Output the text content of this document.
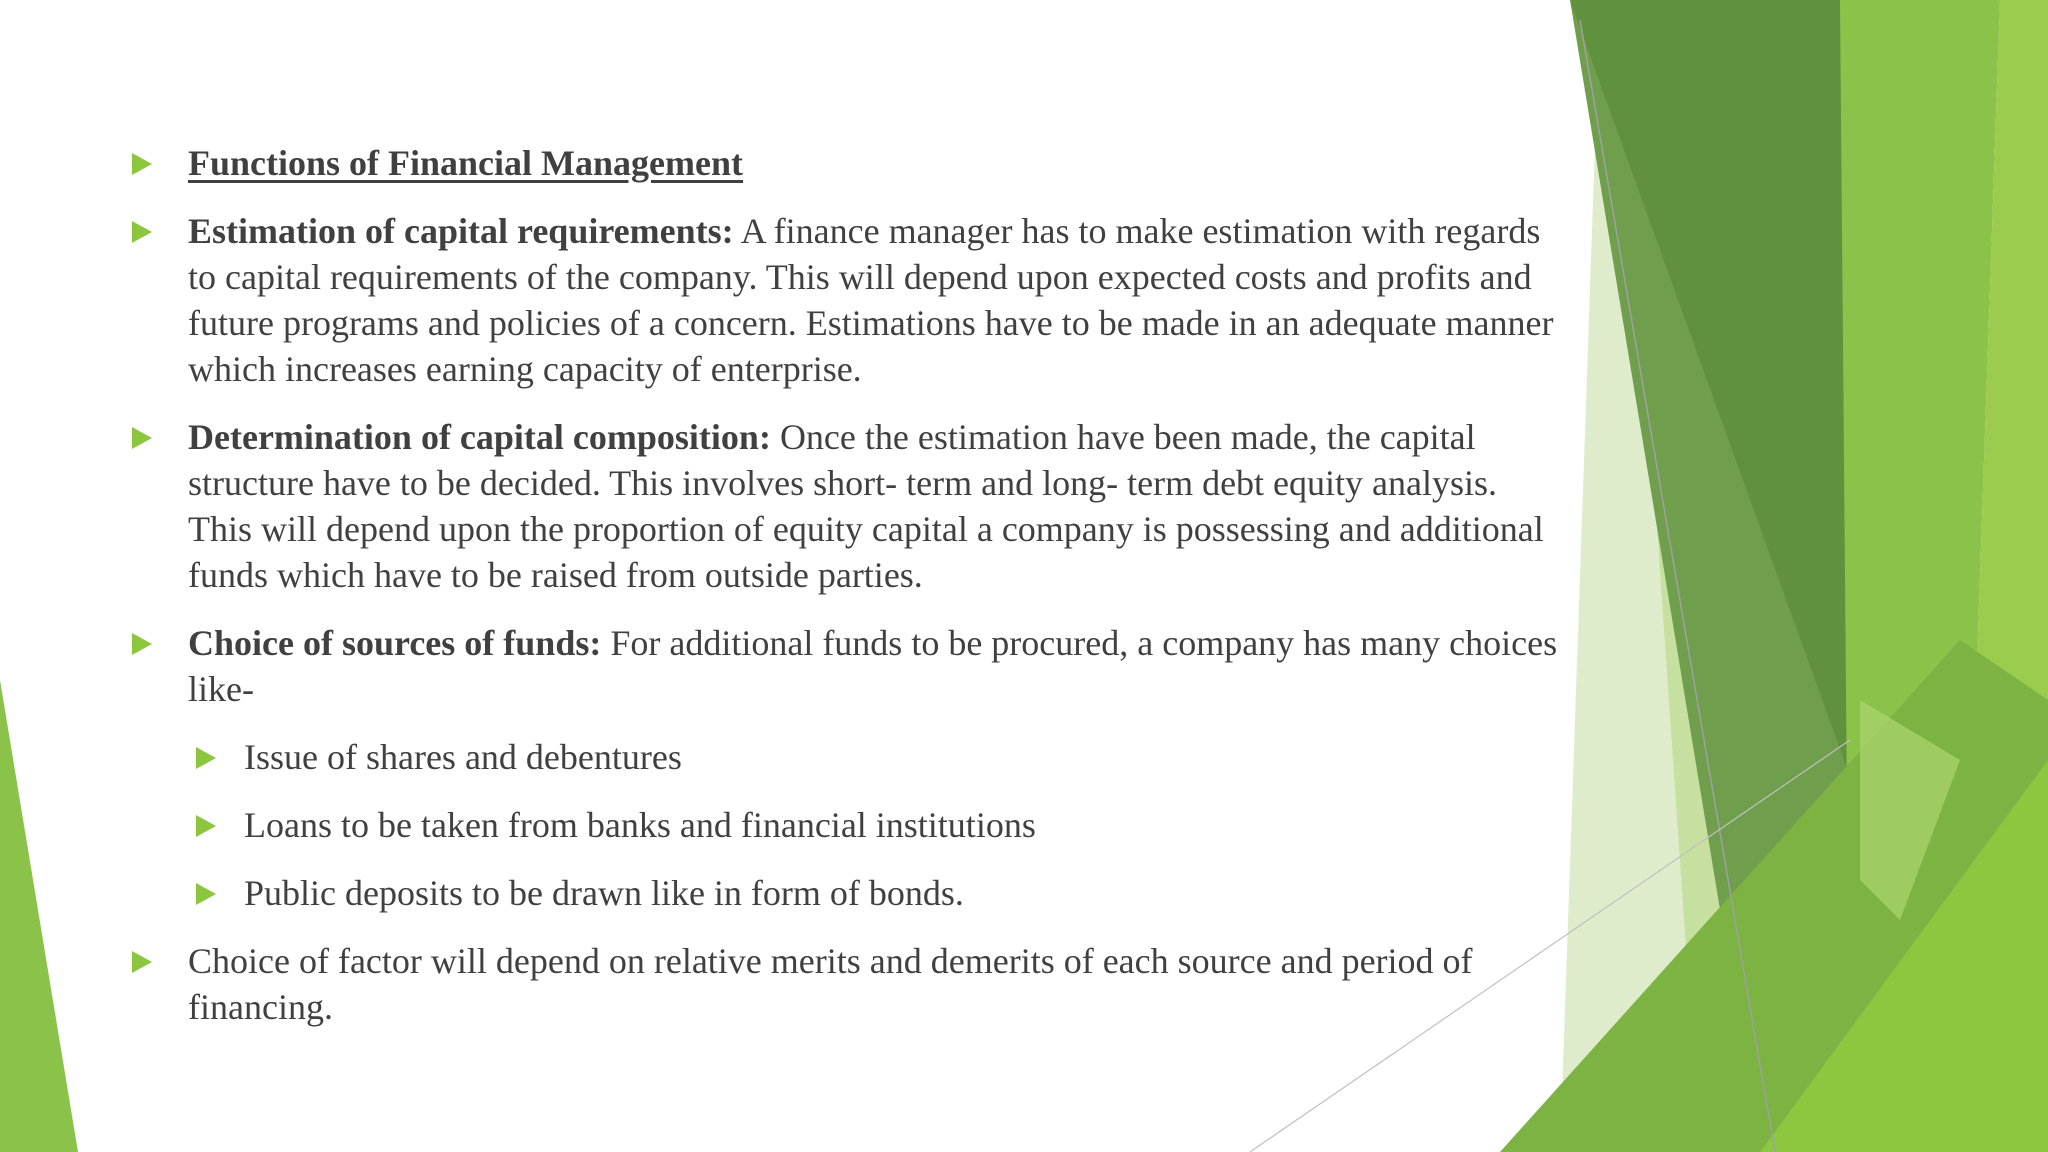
Functions of Financial Management
Estimation of capital requirements: A finance manager has to make estimation with regards to capital requirements of the company. This will depend upon expected costs and profits and future programs and policies of a concern. Estimations have to be made in an adequate manner which increases earning capacity of enterprise.
Determination of capital composition: Once the estimation have been made, the capital structure have to be decided. This involves short- term and long- term debt equity analysis. This will depend upon the proportion of equity capital a company is possessing and additional funds which have to be raised from outside parties.
Choice of sources of funds: For additional funds to be procured, a company has many choices like-
Issue of shares and debentures
Loans to be taken from banks and financial institutions
Public deposits to be drawn like in form of bonds.
Choice of factor will depend on relative merits and demerits of each source and period of financing.
